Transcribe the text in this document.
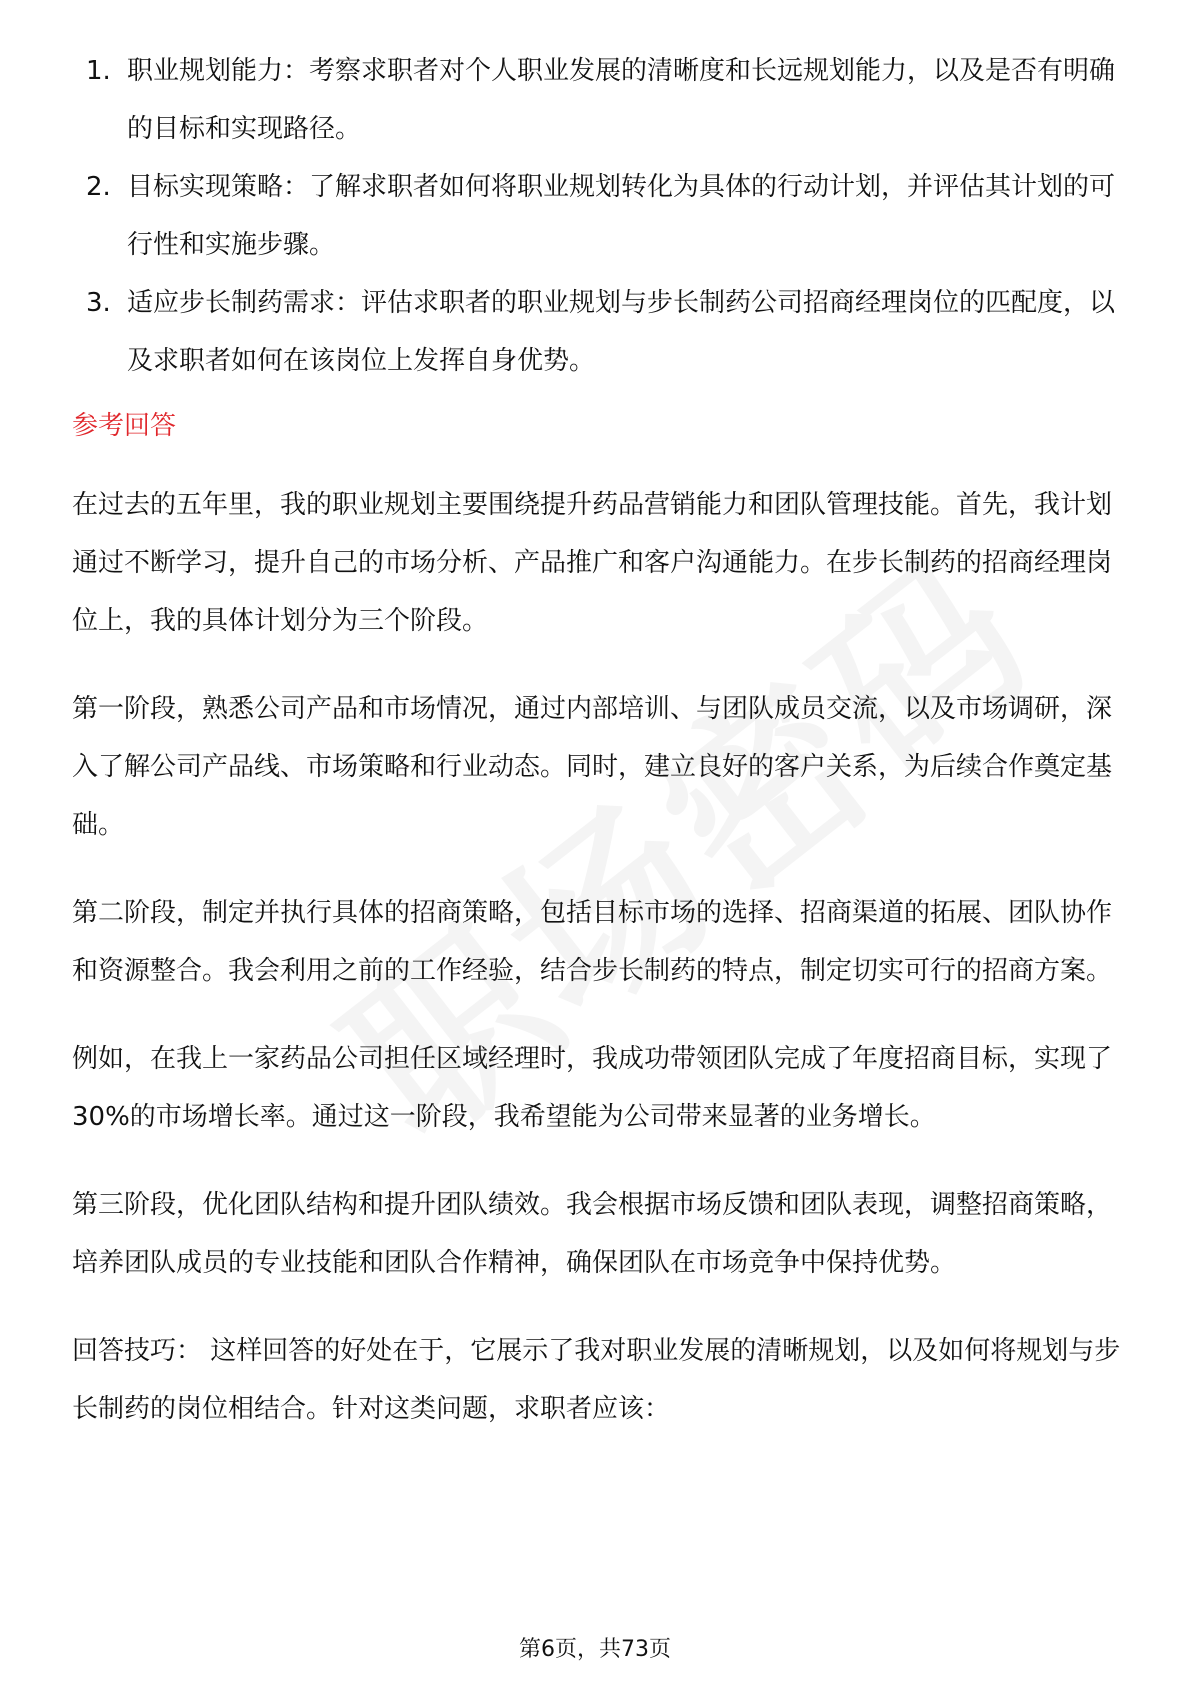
1. 职业规划能力：考察求职者对个人职业发展的清晰度和长远规划能力，以及是否有明确的目标和实现路径。
2. 目标实现策略：了解求职者如何将职业规划转化为具体的行动计划，并评估其计划的可行性和实施步骤。
3. 适应步长制药需求：评估求职者的职业规划与步长制药公司招商经理岗位的匹配度，以及求职者如何在该岗位上发挥自身优势。
参考回答

在过去的五年里，我的职业规划主要围绕提升药品营销能力和团队管理技能。首先，我计划通过不断学习，提升自己的市场分析、产品推广和客户沟通能力。在步长制药的招商经理岗位上，我的具体计划分为三个阶段。

第一阶段，熟悉公司产品和市场情况，通过内部培训、与团队成员交流，以及市场调研，深入了解公司产品线、市场策略和行业动态。同时，建立良好的客户关系，为后续合作奠定基础。

第二阶段，制定并执行具体的招商策略，包括目标市场的选择、招商渠道的拓展、团队协作和资源整合。我会利用之前的工作经验，结合步长制药的特点，制定切实可行的招商方案。

例如，在我上一家药品公司担任区域经理时，我成功带领团队完成了年度招商目标，实现了30%的市场增长率。通过这一阶段，我希望能为公司带来显著的业务增长。

第三阶段，优化团队结构和提升团队绩效。我会根据市场反馈和团队表现，调整招商策略，培养团队成员的专业技能和团队合作精神，确保团队在市场竞争中保持优势。

回答技巧： 这样回答的好处在于，它展示了我对职业发展的清晰规划，以及如何将规划与步长制药的岗位相结合。针对这类问题，求职者应该：

第6页，共73页
